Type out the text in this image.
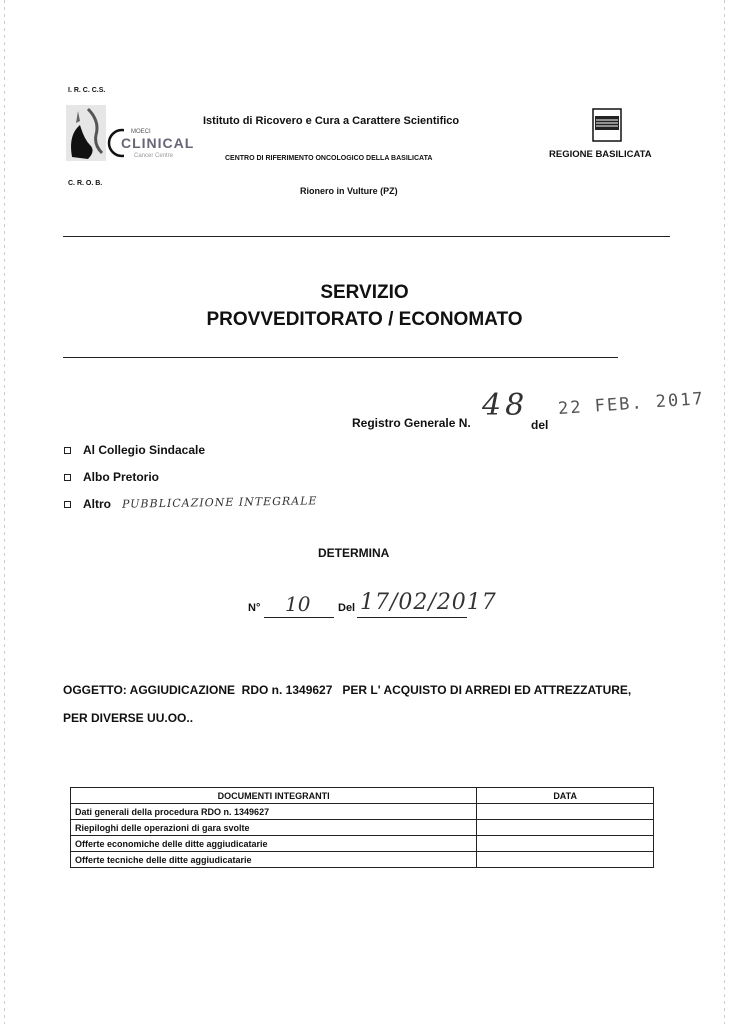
I. R. C. C.S.
MOECI
CLINICAL
Cancer Centre
C. R. O. B.
Istituto di Ricovero e Cura a Carattere Scientifico
CENTRO DI RIFERIMENTO ONCOLOGICO DELLA BASILICATA
Rionero in Vulture (PZ)
REGIONE BASILICATA
SERVIZIO
PROVVEDITORATO / ECONOMATO
Registro Generale N. 48
del
22 FEB. 2017
Al Collegio Sindacale
Albo Pretorio
Altro PUBBLICAZIONE INTEGRALE
DETERMINA
N° 10	Del 17/02/2017
OGGETTO: AGGIUDICAZIONE  RDO n. 1349627   PER L' ACQUISTO DI ARREDI ED ATTREZZATURE,
PER DIVERSE UU.OO..
DOCUMENTI INTEGRANTI	DATA
Dati generali della procedura RDO n. 1349627	
Riepiloghi delle operazioni di gara svolte	
Offerte economiche delle ditte aggiudicatarie	
Offerte tecniche delle ditte aggiudicatarie	
